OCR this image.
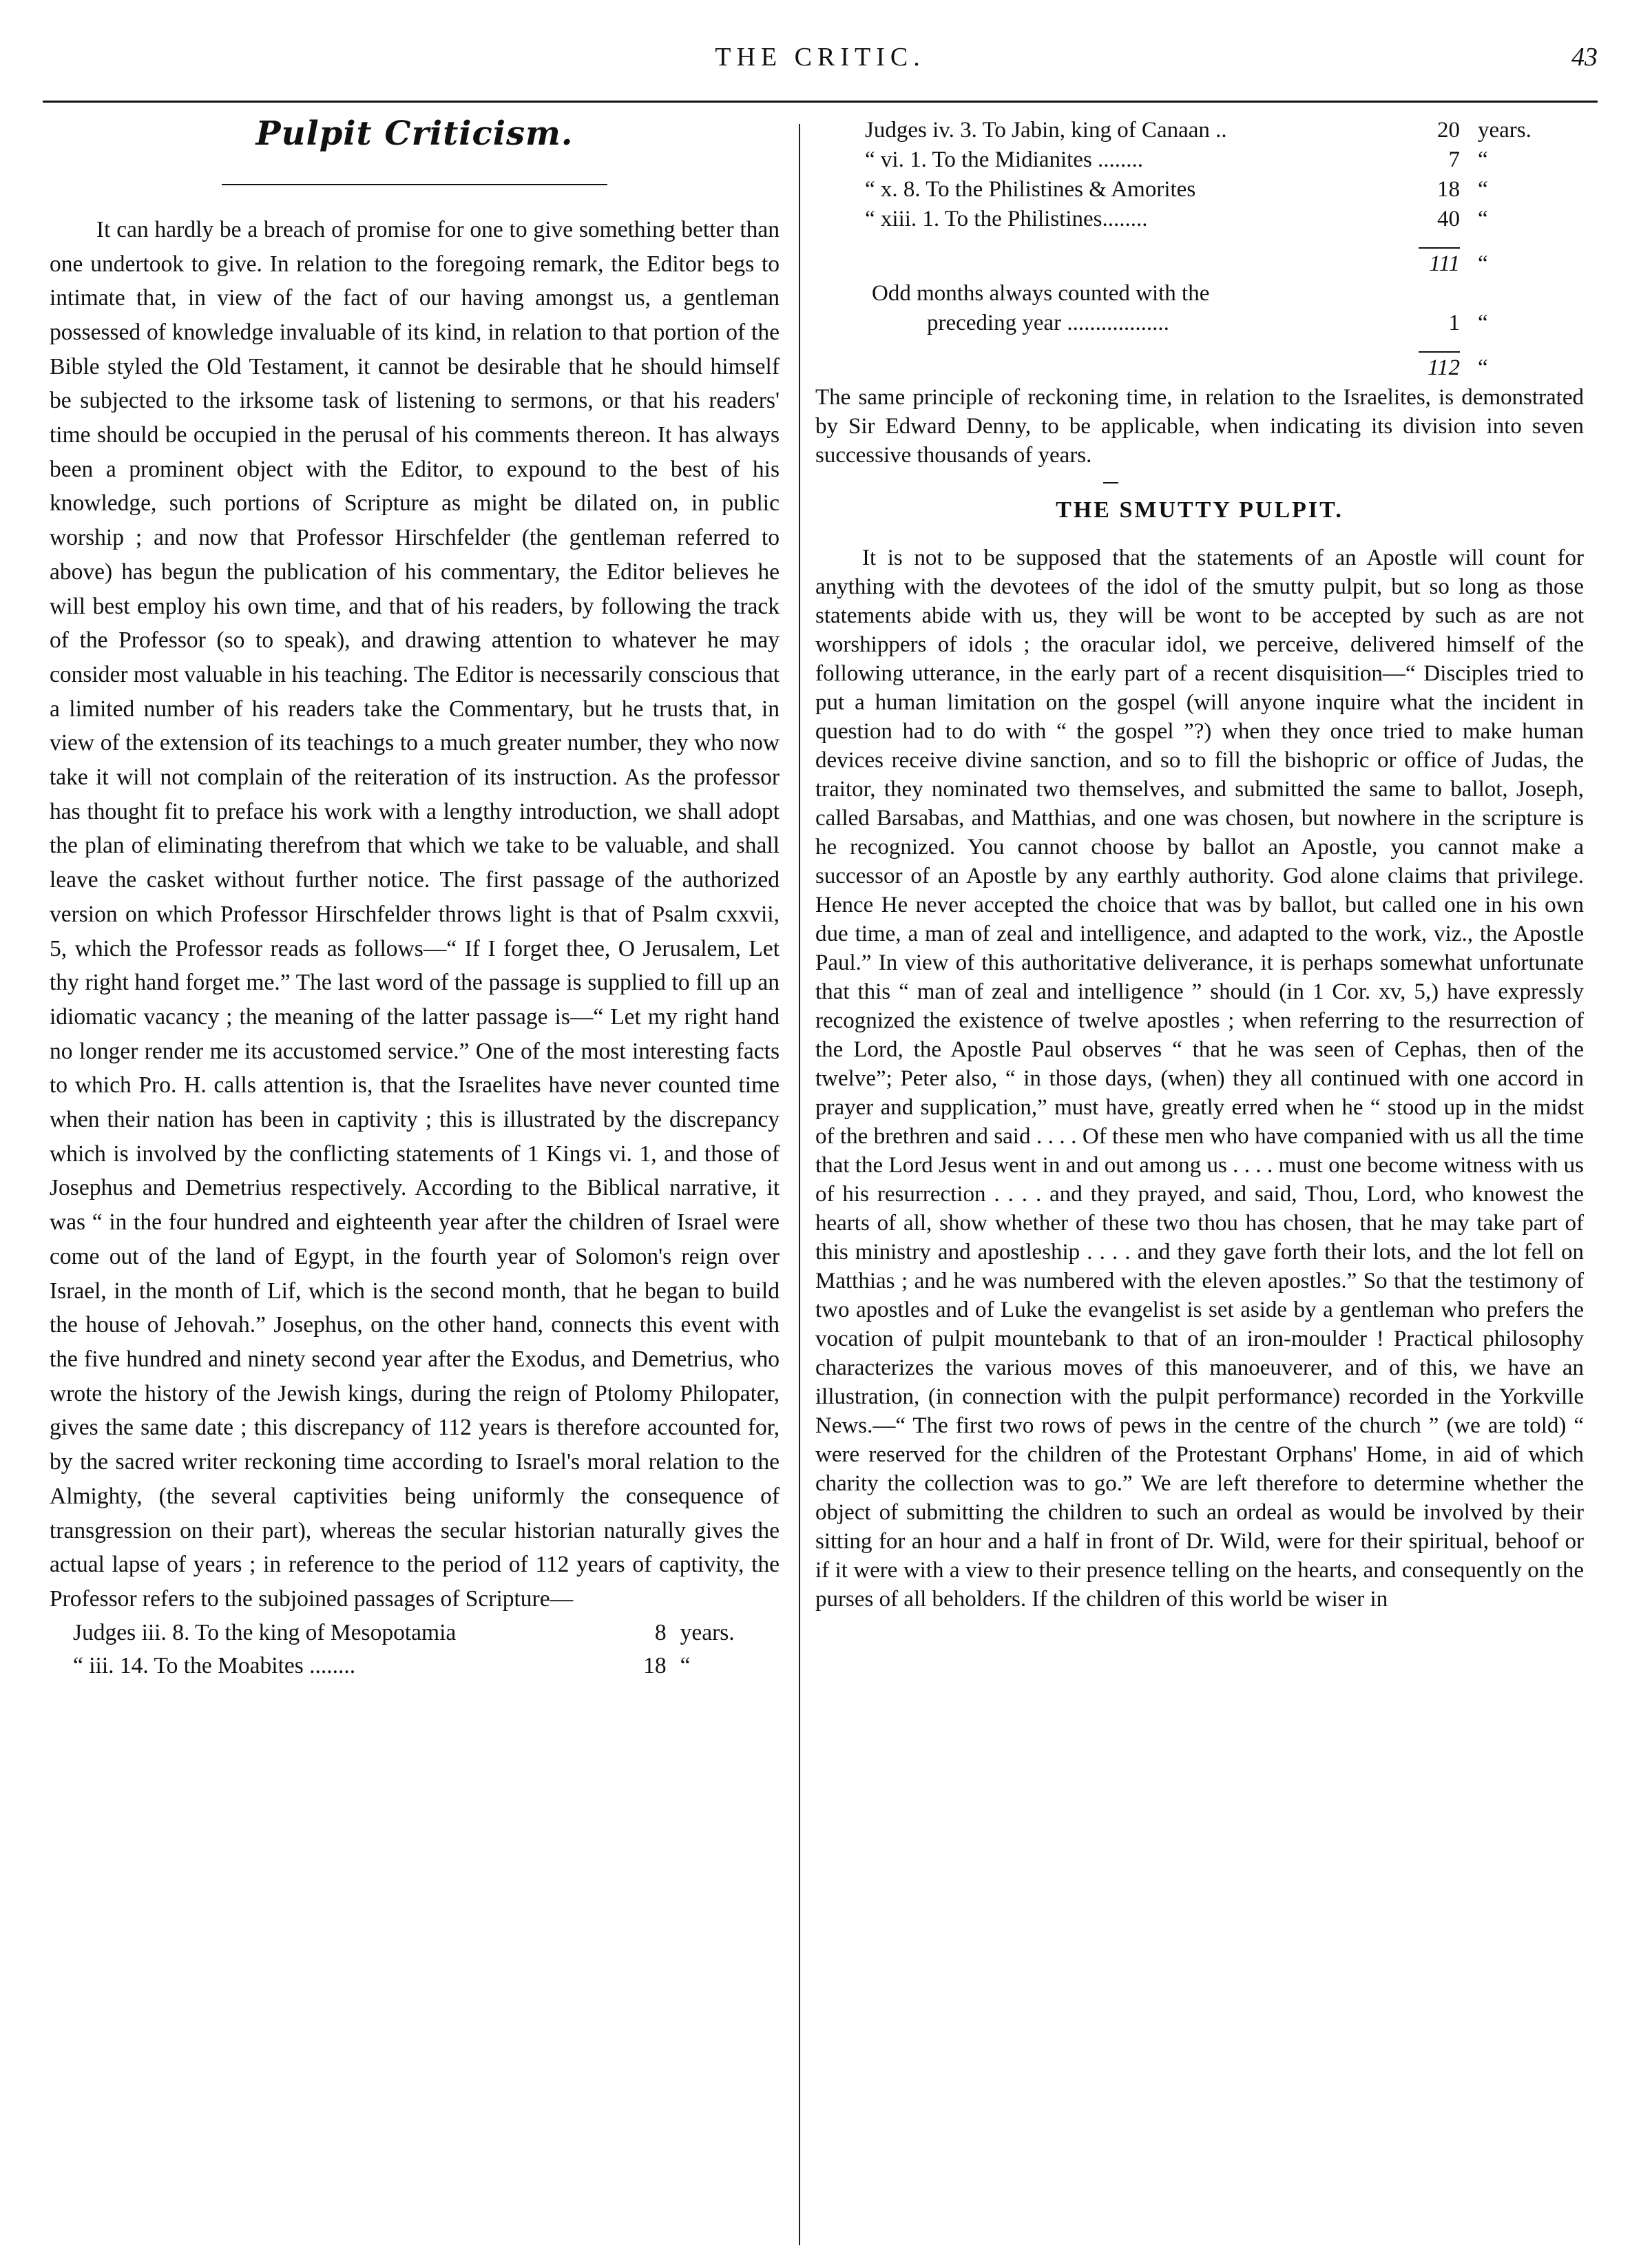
THE CRITIC.	43
Pulpit Criticism.

It can hardly be a breach of promise for one to give something better than one undertook to give. In relation to the foregoing remark, the Editor begs to intimate that, in view of the fact of our having amongst us, a gentleman possessed of knowledge invaluable of its kind, in relation to that portion of the Bible styled the Old Testament, it cannot be desirable that he should himself be subjected to the irksome task of listening to sermons, or that his readers' time should be occupied in the perusal of his comments thereon. It has always been a prominent object with the Editor, to expound to the best of his knowledge, such portions of Scripture as might be dilated on, in public worship ; and now that Professor Hirschfelder (the gentleman referred to above) has begun the publication of his commentary, the Editor believes he will best employ his own time, and that of his readers, by following the track of the Professor (so to speak), and drawing attention to whatever he may consider most valuable in his teaching. The Editor is necessarily conscious that a limited number of his readers take the Commentary, but he trusts that, in view of the extension of its teachings to a much greater number, they who now take it will not complain of the reiteration of its instruction. As the professor has thought fit to preface his work with a lengthy introduction, we shall adopt the plan of eliminating therefrom that which we take to be valuable, and shall leave the casket without further notice. The first passage of the authorized version on which Professor Hirschfelder throws light is that of Psalm cxxvii, 5, which the Professor reads as follows—“ If I forget thee, O Jerusalem, Let thy right hand forget me.” The last word of the passage is supplied to fill up an idiomatic vacancy ; the meaning of the latter passage is—“ Let my right hand no longer render me its accustomed service.” One of the most interesting facts to which Pro. H. calls attention is, that the Israelites have never counted time when their nation has been in captivity ; this is illustrated by the discrepancy which is involved by the conflicting statements of 1 Kings vi. 1, and those of Josephus and Demetrius respectively. According to the Biblical narrative, it was “ in the four hundred and eighteenth year after the children of Israel were come out of the land of Egypt, in the fourth year of Solomon's reign over Israel, in the month of Lif, which is the second month, that he began to build the house of Jehovah.” Josephus, on the other hand, connects this event with the five hundred and ninety second year after the Exodus, and Demetrius, who wrote the history of the Jewish kings, during the reign of Ptolomy Philopater, gives the same date ; this discrepancy of 112 years is therefore accounted for, by the sacred writer reckoning time according to Israel's moral relation to the Almighty, (the several captivities being uniformly the consequence of transgression on their part), whereas the secular historian naturally gives the actual lapse of years ; in reference to the period of 112 years of captivity, the Professor refers to the subjoined passages of Scripture—

Judges iii. 8. To the king of Mesopotamia	8	years.
“ iii. 14. To the Moabites ........	18	“
Judges iv. 3. To Jabin, king of Canaan ..	20	years.
“ vi. 1. To the Midianites ........	7	“
“ x. 8. To the Philistines & Amorites	18	“
“ xiii. 1. To the Philistines........	40	“

	111	“
Odd months always counted with the		
preceding year ..................	1	“

	112	“

The same principle of reckoning time, in relation to the Israelites, is demonstrated by Sir Edward Denny, to be applicable, when indicating its division into seven successive thousands of years.

THE SMUTTY PULPIT.

It is not to be supposed that the statements of an Apostle will count for anything with the devotees of the idol of the smutty pulpit, but so long as those statements abide with us, they will be wont to be accepted by such as are not worshippers of idols ; the oracular idol, we perceive, delivered himself of the following utterance, in the early part of a recent disquisition—“ Disciples tried to put a human limitation on the gospel (will anyone inquire what the incident in question had to do with “ the gospel ”?) when they once tried to make human devices receive divine sanction, and so to fill the bishopric or office of Judas, the traitor, they nominated two themselves, and submitted the same to ballot, Joseph, called Barsabas, and Matthias, and one was chosen, but nowhere in the scripture is he recognized. You cannot choose by ballot an Apostle, you cannot make a successor of an Apostle by any earthly authority. God alone claims that privilege. Hence He never accepted the choice that was by ballot, but called one in his own due time, a man of zeal and intelligence, and adapted to the work, viz., the Apostle Paul.” In view of this authoritative deliverance, it is perhaps somewhat unfortunate that this “ man of zeal and intelligence ” should (in 1 Cor. xv, 5,) have expressly recognized the existence of twelve apostles ; when referring to the resurrection of the Lord, the Apostle Paul observes “ that he was seen of Cephas, then of the twelve”; Peter also, “ in those days, (when) they all continued with one accord in prayer and supplication,” must have, greatly erred when he “ stood up in the midst of the brethren and said . . . . Of these men who have companied with us all the time that the Lord Jesus went in and out among us . . . . must one become witness with us of his resurrection . . . . and they prayed, and said, Thou, Lord, who knowest the hearts of all, show whether of these two thou has chosen, that he may take part of this ministry and apostleship . . . . and they gave forth their lots, and the lot fell on Matthias ; and he was numbered with the eleven apostles.” So that the testimony of two apostles and of Luke the evangelist is set aside by a gentleman who prefers the vocation of pulpit mountebank to that of an iron-moulder ! Practical philosophy characterizes the various moves of this manoeuverer, and of this, we have an illustration, (in connection with the pulpit performance) recorded in the Yorkville News.—“ The first two rows of pews in the centre of the church ” (we are told) “ were reserved for the children of the Protestant Orphans' Home, in aid of which charity the collection was to go.” We are left therefore to determine whether the object of submitting the children to such an ordeal as would be involved by their sitting for an hour and a half in front of Dr. Wild, were for their spiritual, behoof or if it were with a view to their presence telling on the hearts, and consequently on the purses of all beholders. If the children of this world be wiser in
